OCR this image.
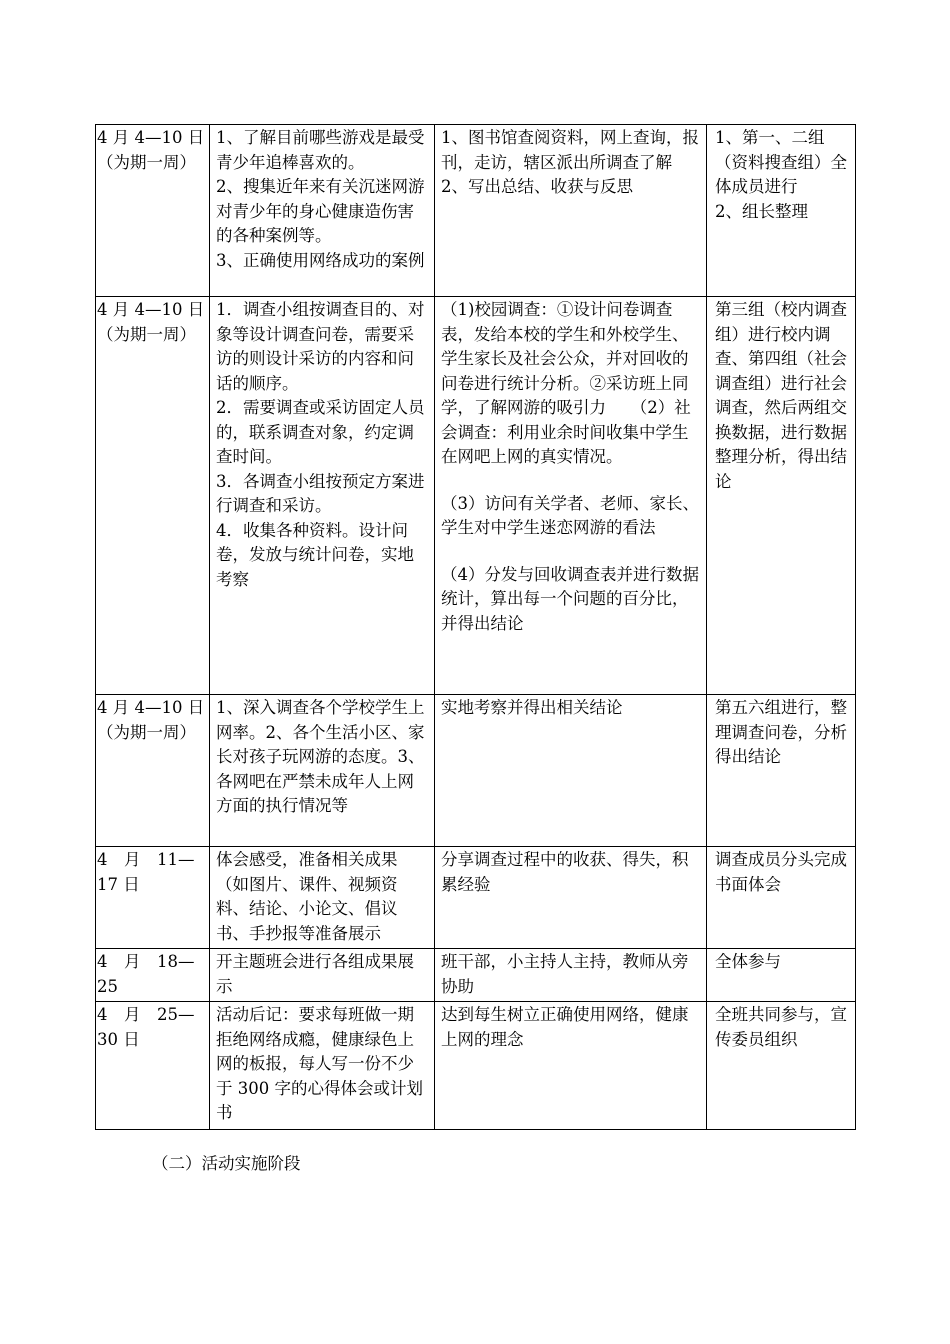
4 月 4—10 日
（为期一周）	1、了解目前哪些游戏是最受青少年追棒喜欢的。
2、搜集近年来有关沉迷网游对青少年的身心健康造伤害的各种案例等。
3、正确使用网络成功的案例	1、图书馆查阅资料，网上查询，报刊，走访，辖区派出所调查了解
2、写出总结、收获与反思	1、第一、二组（资料搜查组）全体成员进行
2、组长整理
4 月 4—10 日
（为期一周）	1．调查小组按调查目的、对象等设计调查问卷，需要采访的则设计采访的内容和问话的顺序。
2．需要调查或采访固定人员的，联系调查对象，约定调查时间。
3．各调查小组按预定方案进行调查和采访。
4．收集各种资料。设计问卷，发放与统计问卷，实地考察	（1)校园调查：①设计问卷调查表，发给本校的学生和外校学生、学生家长及社会公众，并对回收的问卷进行统计分析。②采访班上同学，了解网游的吸引力　　（2）社会调查：利用业余时间收集中学生在网吧上网的真实情况。
（3）访问有关学者、老师、家长、学生对中学生迷恋网游的看法
（4）分发与回收调查表并进行数据统计，算出每一个问题的百分比，并得出结论	第三组（校内调查组）进行校内调查、第四组（社会调查组）进行社会调查，然后两组交换数据，进行数据整理分析，得出结论
4 月 4—10 日
（为期一周）	1、深入调查各个学校学生上网率。2、各个生活小区、家长对孩子玩网游的态度。3、各网吧在严禁未成年人上网方面的执行情况等	实地考察并得出相关结论	第五六组进行，整理调查问卷，分析得出结论
4　月　11—17 日	体会感受，准备相关成果（如图片、课件、视频资料、结论、小论文、倡议书、手抄报等准备展示	分享调查过程中的收获、得失，积累经验	调查成员分头完成书面体会
4　月　18—25	开主题班会进行各组成果展示	班干部，小主持人主持，教师从旁协助	全体参与
4　月　25—30 日	活动后记：要求每班做一期拒绝网络成瘾，健康绿色上网的板报，每人写一份不少于 300 字的心得体会或计划书	达到每生树立正确使用网络，健康上网的理念	全班共同参与，宣传委员组织
（二）活动实施阶段
